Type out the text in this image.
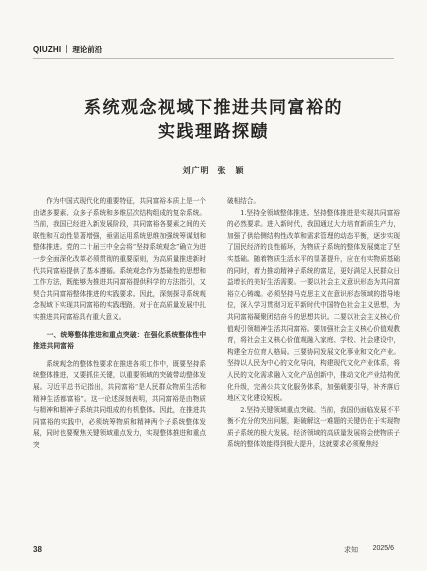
QIUZHI 理论前沿
系统观念视域下推进共同富裕的
实践理路探赜
刘广明 张　颖

作为中国式现代化的重要特征，共同富裕本质上是一个由诸多要素、众多子系统和多维层次结构组成的复杂系统。当前，我国已经进入新发展阶段，共同富裕各要素之间的关联性和互动性显著增强，亟需运用系统思维加强统筹谋划和整体推进。党的二十届三中全会将“坚持系统观念”确立为进一步全面深化改革必须贯彻的重要原则，为高质量推进新时代共同富裕提供了基本遵循。系统观念作为基础性的思想和工作方法，既能够为推进共同富裕提供科学的方法指引，又契合共同富裕整体推进的实践要求。因此，深刻探寻系统观念视域下实现共同富裕的实践理路，对于在高质量发展中扎实推进共同富裕具有重大意义。

一、统筹整体推进和重点突破：在强化系统整体性中推进共同富裕

系统观念的整体性要求在推进各项工作中，既要坚持系统整体推进，又要抓住关键，以重要领域的突破带动整体发展。习近平总书记指出，共同富裕“是人民群众物质生活和精神生活都富裕”。这一论述深刻表明，共同富裕是由物质与精神和精神子系统共同组成的有机整体。因此，在推进共同富裕的实践中，必须统筹物质和精神两个子系统整体发展，同时也要聚焦关键领域重点发力，实现整体推进和重点突

破相结合。

1.坚持全领域整体推进。坚持整体推进是实现共同富裕的必然要求。进入新时代，我国通过大力培育新质生产力，加强了供给侧结构性改革和需求管理的动态平衡，逐步实现了国民经济的良性循环，为物质子系统的整体发展奠定了坚实基础。随着物质生活水平的显著提升，应在有实物质基础的同时，着力推动精神子系统的富足，更好满足人民群众日益增长的美好生活需要。一要以社会主义意识形态为共同富裕立心铸魂。必须坚持马克思主义在意识形态领域的指导地位，深入学习贯彻习近平新时代中国特色社会主义思想，为共同富裕凝聚团结奋斗的思想共识。二要以社会主义核心价值观引领精神生活共同富裕。要加强社会主义核心价值观教育，将社会主义核心价值观融入家庭、学校、社会建设中，构建全方位育人格局。三要协同发展文化事业和文化产业。坚持以人民为中心的文化导向，构建现代文化产业体系，将人民的文化需求融入文化产品创新中，推动文化产业结构优化升级，完善公共文化服务体系，加强载要引导，补齐落后地区文化建设短板。

2.坚持关键领域重点突破。当前，我国仍面临发展不平衡不充分的突出问题，距破解这一难题的关键仍在于实现物质子系统的极大发展。经济领域的高质量发展将会使物质子系统的整体效能得到极大提升，这就要求必须聚焦经

38	求知 2025/6
